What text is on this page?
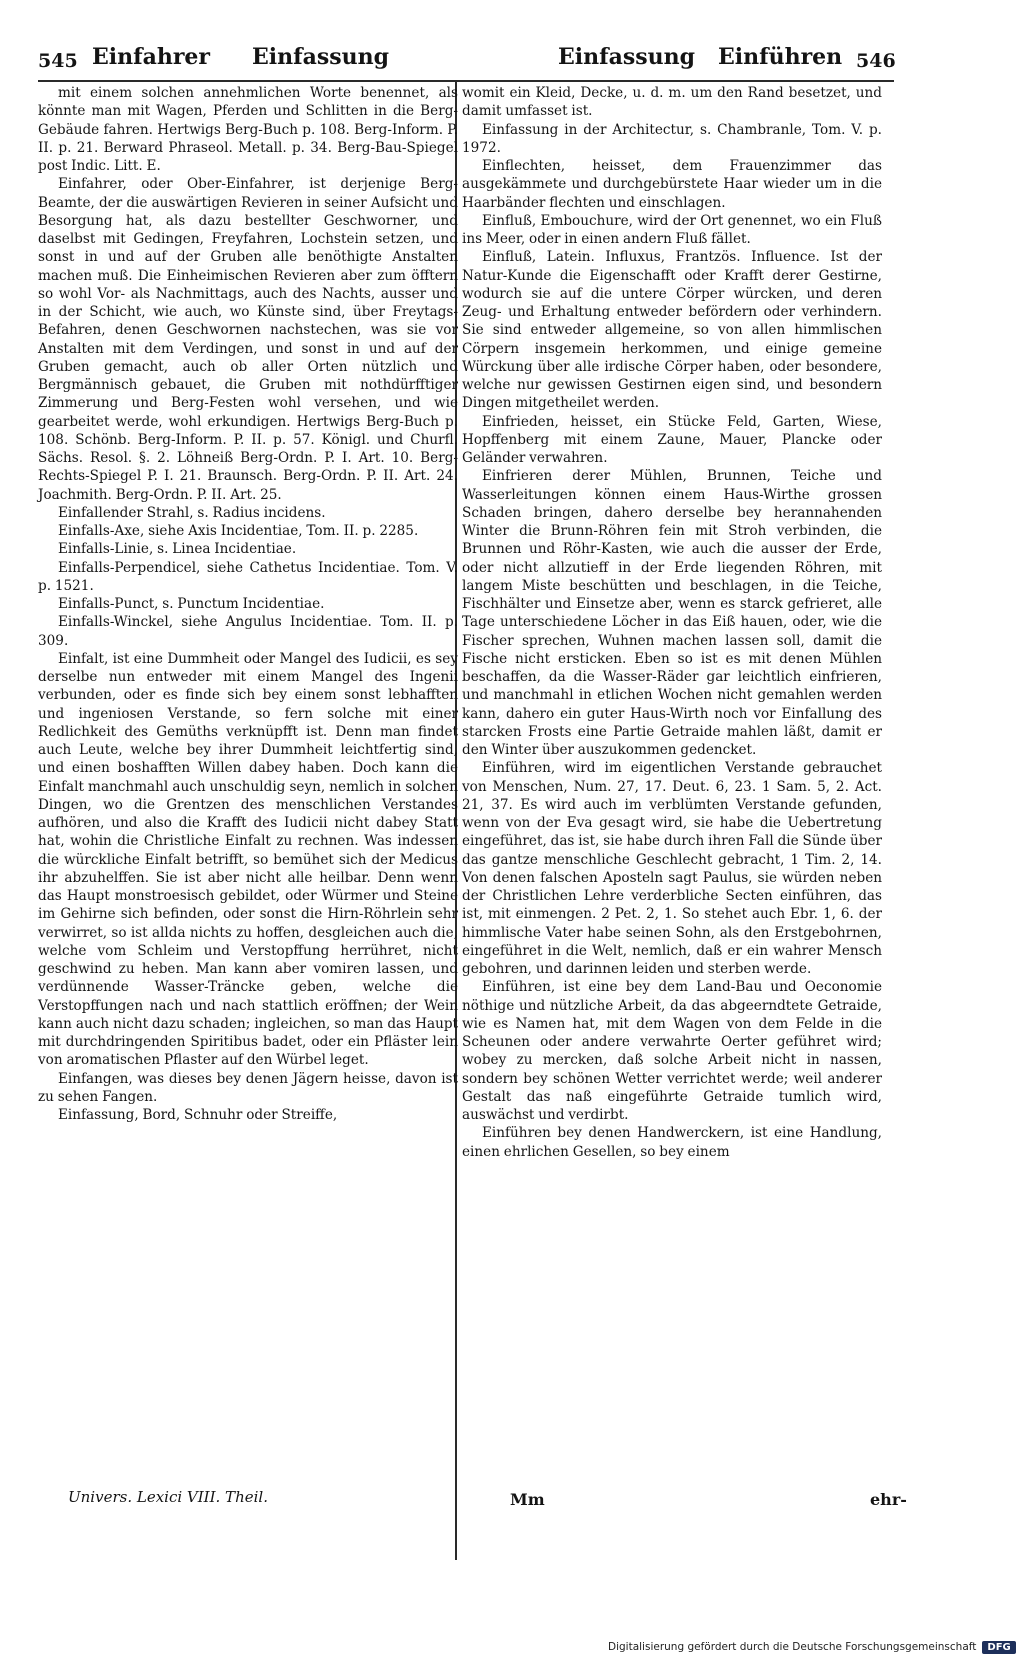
545 Einfahrer Einfassung	Einfassung Einführen 546

mit einem solchen annehmlichen Worte benennet, als könnte man mit Wagen, Pferden und Schlitten in die Berg-Gebäude fahren. Hertwigs Berg-Buch p. 108. Berg-Inform. P. II. p. 21. Berward Phraseol. Metall. p. 34. Berg-Bau-Spiegel post Indic. Litt. E.

Einfahrer, oder Ober-Einfahrer, ist derjenige Berg-Beamte, der die auswärtigen Revieren in seiner Aufsicht und Besorgung hat, als dazu bestellter Geschworner, und daselbst mit Gedingen, Freyfahren, Lochstein setzen, und sonst in und auf der Gruben alle benöthigte Anstalten machen muß. Die Einheimischen Revieren aber zum öfftern so wohl Vor- als Nachmittags, auch des Nachts, ausser und in der Schicht, wie auch, wo Künste sind, über Freytags-Befahren, denen Geschwornen nachstechen, was sie vor Anstalten mit dem Verdingen, und sonst in und auf der Gruben gemacht, auch ob aller Orten nützlich und Bergmännisch gebauet, die Gruben mit nothdürfftiger Zimmerung und Berg-Festen wohl versehen, und wie gearbeitet werde, wohl erkundigen. Hertwigs Berg-Buch p. 108. Schönb. Berg-Inform. P. II. p. 57. Königl. und Churfl. Sächs. Resol. §. 2. Löhneiß Berg-Ordn. P. I. Art. 10. Berg-Rechts-Spiegel P. I. 21. Braunsch. Berg-Ordn. P. II. Art. 24. Joachmith. Berg-Ordn. P. II. Art. 25.

Einfallender Strahl, s. Radius incidens.

Einfalls-Axe, siehe Axis Incidentiae, Tom. II. p. 2285.

Einfalls-Linie, s. Linea Incidentiae.

Einfalls-Perpendicel, siehe Cathetus Incidentiae. Tom. V. p. 1521.

Einfalls-Punct, s. Punctum Incidentiae.

Einfalls-Winckel, siehe Angulus Incidentiae. Tom. II. p. 309.

Einfalt, ist eine Dummheit oder Mangel des Iudicii, es sey derselbe nun entweder mit einem Mangel des Ingenii verbunden, oder es finde sich bey einem sonst lebhafften und ingeniosen Verstande, so fern solche mit einer Redlichkeit des Gemüths verknüpfft ist. Denn man findet auch Leute, welche bey ihrer Dummheit leichtfertig sind, und einen boshafften Willen dabey haben. Doch kann die Einfalt manchmahl auch unschuldig seyn, nemlich in solchen Dingen, wo die Grentzen des menschlichen Verstandes aufhören, und also die Krafft des Iudicii nicht dabey Statt hat, wohin die Christliche Einfalt zu rechnen. Was indessen die würckliche Einfalt betrifft, so bemühet sich der Medicus ihr abzuhelffen. Sie ist aber nicht alle heilbar. Denn wenn das Haupt monstroesisch gebildet, oder Würmer und Steine im Gehirne sich befinden, oder sonst die Hirn-Röhrlein sehr verwirret, so ist allda nichts zu hoffen, desgleichen auch die, welche vom Schleim und Verstopffung herrühret, nicht geschwind zu heben. Man kann aber vomiren lassen, und verdünnende Wasser-Träncke geben, welche die Verstopffungen nach und nach stattlich eröffnen; der Wein kann auch nicht dazu schaden; ingleichen, so man das Haupt mit durchdringenden Spiritibus badet, oder ein Pfläster lein von aromatischen Pflaster auf den Würbel leget.

Einfangen, was dieses bey denen Jägern heisse, davon ist zu sehen Fangen.

Einfassung, Bord, Schnuhr oder Streiffe,

womit ein Kleid, Decke, u. d. m. um den Rand besetzet, und damit umfasset ist.

Einfassung in der Architectur, s. Chambranle, Tom. V. p. 1972.

Einflechten, heisset, dem Frauenzimmer das ausgekämmete und durchgebürstete Haar wieder um in die Haarbänder flechten und einschlagen.

Einfluß, Embouchure, wird der Ort genennet, wo ein Fluß ins Meer, oder in einen andern Fluß fället.

Einfluß, Latein. Influxus, Frantzös. Influence. Ist der Natur-Kunde die Eigenschafft oder Krafft derer Gestirne, wodurch sie auf die untere Cörper würcken, und deren Zeug- und Erhaltung entweder befördern oder verhindern. Sie sind entweder allgemeine, so von allen himmlischen Cörpern insgemein herkommen, und einige gemeine Würckung über alle irdische Cörper haben, oder besondere, welche nur gewissen Gestirnen eigen sind, und besondern Dingen mitgetheilet werden.

Einfrieden, heisset, ein Stücke Feld, Garten, Wiese, Hopffenberg mit einem Zaune, Mauer, Plancke oder Geländer verwahren.

Einfrieren derer Mühlen, Brunnen, Teiche und Wasserleitungen können einem Haus-Wirthe grossen Schaden bringen, dahero derselbe bey herannahenden Winter die Brunn-Röhren fein mit Stroh verbinden, die Brunnen und Röhr-Kasten, wie auch die ausser der Erde, oder nicht allzutieff in der Erde liegenden Röhren, mit langem Miste beschütten und beschlagen, in die Teiche, Fischhälter und Einsetze aber, wenn es starck gefrieret, alle Tage unterschiedene Löcher in das Eiß hauen, oder, wie die Fischer sprechen, Wuhnen machen lassen soll, damit die Fische nicht ersticken. Eben so ist es mit denen Mühlen beschaffen, da die Wasser-Räder gar leichtlich einfrieren, und manchmahl in etlichen Wochen nicht gemahlen werden kann, dahero ein guter Haus-Wirth noch vor Einfallung des starcken Frosts eine Partie Getraide mahlen läßt, damit er den Winter über auszukommen gedencket.

Einführen, wird im eigentlichen Verstande gebrauchet von Menschen, Num. 27, 17. Deut. 6, 23. 1 Sam. 5, 2. Act. 21, 37. Es wird auch im verblümten Verstande gefunden, wenn von der Eva gesagt wird, sie habe die Uebertretung eingeführet, das ist, sie habe durch ihren Fall die Sünde über das gantze menschliche Geschlecht gebracht, 1 Tim. 2, 14. Von denen falschen Aposteln sagt Paulus, sie würden neben der Christlichen Lehre verderbliche Secten einführen, das ist, mit einmengen. 2 Pet. 2, 1. So stehet auch Ebr. 1, 6. der himmlische Vater habe seinen Sohn, als den Erstgebohrnen, eingeführet in die Welt, nemlich, daß er ein wahrer Mensch gebohren, und darinnen leiden und sterben werde.

Einführen, ist eine bey dem Land-Bau und Oeconomie nöthige und nützliche Arbeit, da das abgeerndtete Getraide, wie es Namen hat, mit dem Wagen von dem Felde in die Scheunen oder andere verwahrte Oerter geführet wird; wobey zu mercken, daß solche Arbeit nicht in nassen, sondern bey schönen Wetter verrichtet werde; weil anderer Gestalt das naß eingeführte Getraide tumlich wird, auswächst und verdirbt.

Einführen bey denen Handwerckern, ist eine Handlung, einen ehrlichen Gesellen, so bey einem

Univers. Lexici VIII. Theil.	Mm	ehr-
Digitalisierung gefördert durch die Deutsche Forschungsgemeinschaft	DFG
